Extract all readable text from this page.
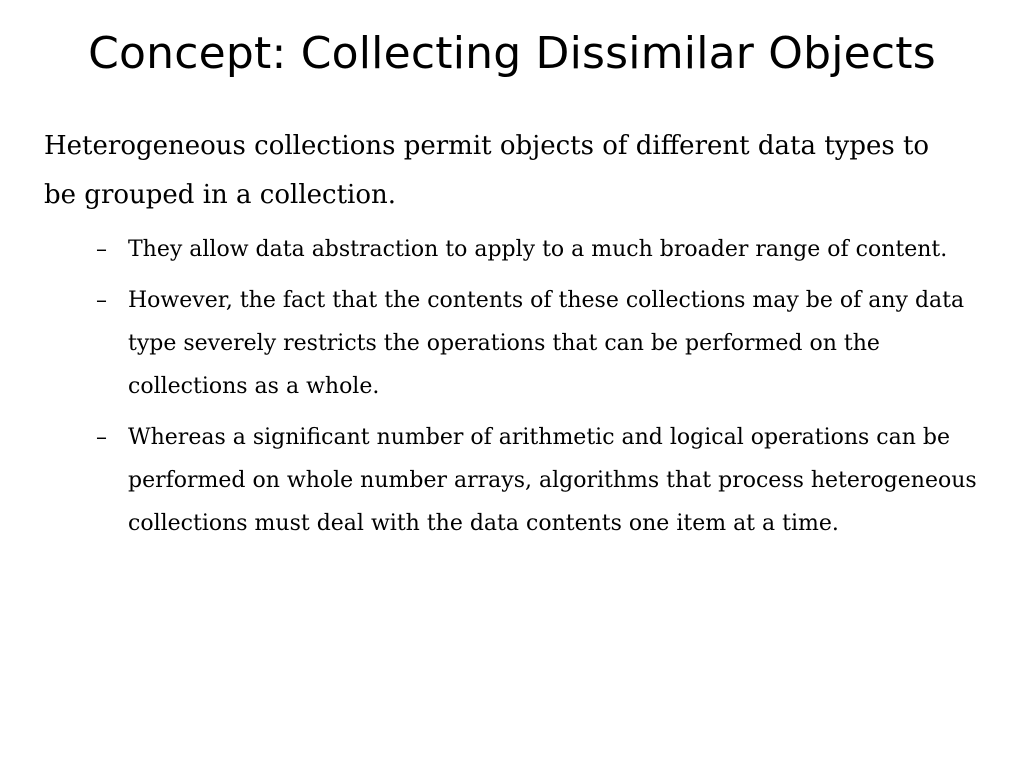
Concept: Collecting Dissimilar Objects

Heterogeneous collections permit objects of different data types to be grouped in a collection.

– They allow data abstraction to apply to a much broader range of content.
– However, the fact that the contents of these collections may be of any data type severely restricts the operations that can be performed on the collections as a whole.
– Whereas a significant number of arithmetic and logical operations can be performed on whole number arrays, algorithms that process heterogeneous collections must deal with the data contents one item at a time.
